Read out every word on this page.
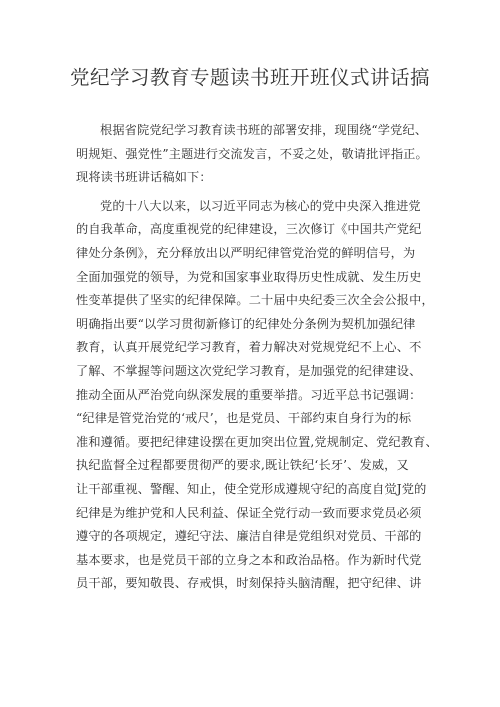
党纪学习教育专题读书班开班仪式讲话搞
根据省院党纪学习教育读书班的部署安排，现围绕“学党纪、
明规矩、强党性”主题进行交流发言，不妥之处，敬请批评指正。
现将读书班讲话稿如下：
党的十八大以来，以习近平同志为核心的党中央深入推进党
的自我革命，高度重视党的纪律建设，三次修订《中国共产党纪
律处分条例》，充分释放出以严明纪律管党治党的鲜明信号，为
全面加强党的领导，为党和国家事业取得历史性成就、发生历史
性变革提供了坚实的纪律保障。二十届中央纪委三次全会公报中，
明确指出要“以学习贯彻新修订的纪律处分条例为契机加强纪律
教育，认真开展党纪学习教育，着力解决对党规党纪不上心、不
了解、不掌握等问题这次党纪学习教育，是加强党的纪律建设、
推动全面从严治党向纵深发展的重要举措。习近平总书记强调：
“纪律是管党治党的‘戒尺’，也是党员、干部约束自身行为的标
准和遵循。要把纪律建设摆在更加突出位置,党规制定、党纪教育、
执纪监督全过程都要贯彻严的要求,既让铁纪‘长牙’、发威，又
让干部重视、警醒、知止，使全党形成遵规守纪的高度自觉J党的
纪律是为维护党和人民利益、保证全党行动一致而要求党员必须
遵守的各项规定，遵纪守法、廉洁自律是党组织对党员、干部的
基本要求，也是党员干部的立身之本和政治品格。作为新时代党
员干部，要知敬畏、存戒惧，时刻保持头脑清醒，把守纪律、讲
